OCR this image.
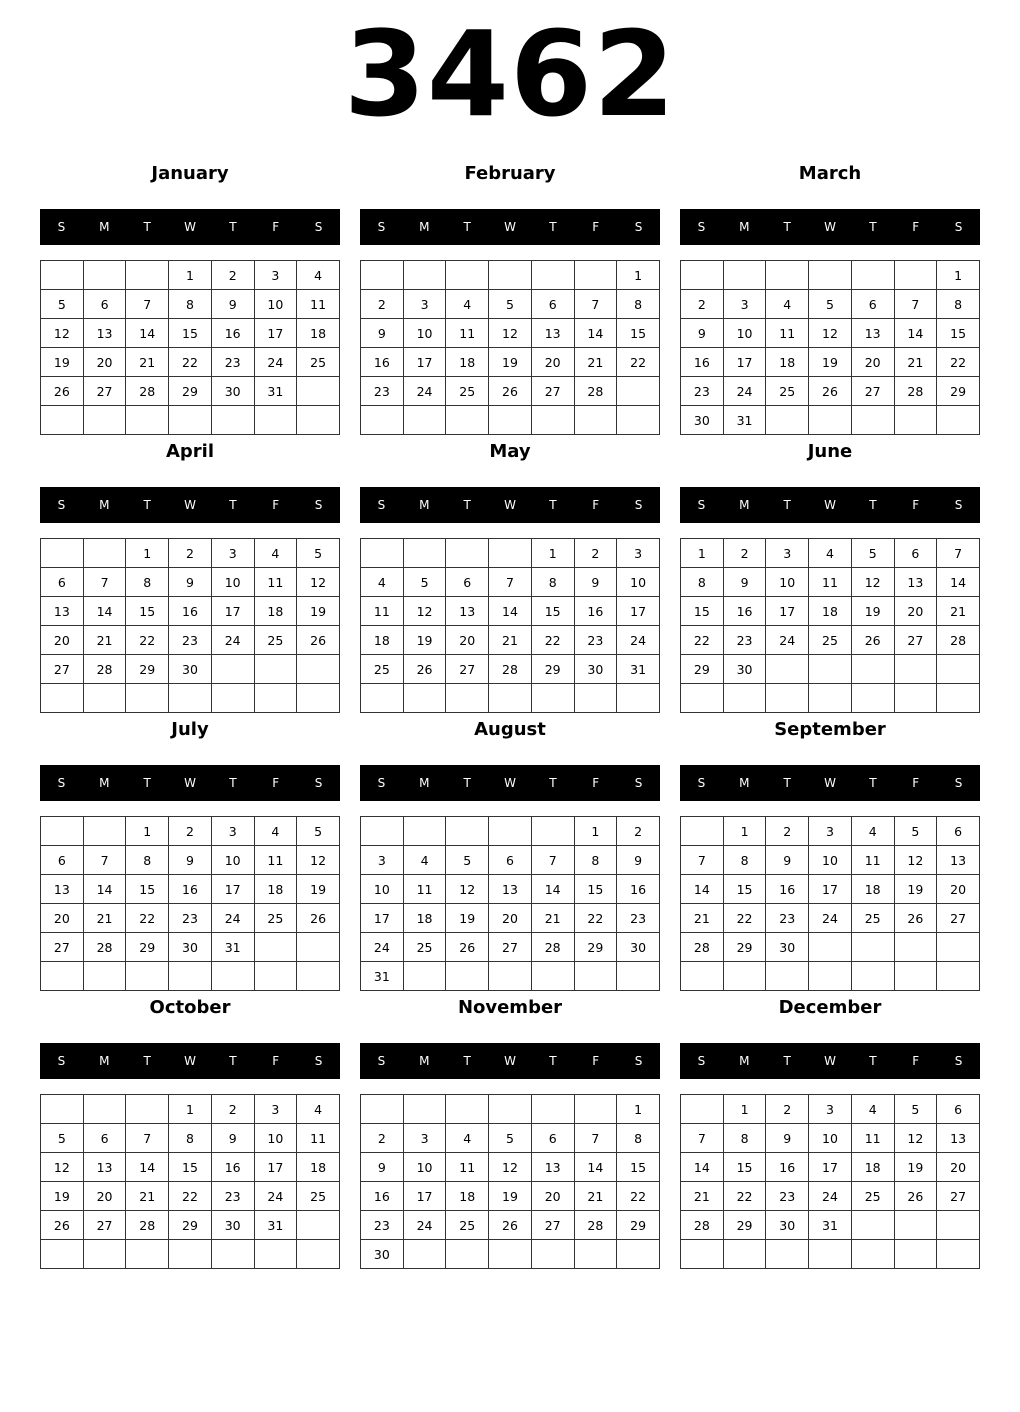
3462
January
S	M	T	W	T	F	S
			1	2	3	4
5	6	7	8	9	10	11
12	13	14	15	16	17	18
19	20	21	22	23	24	25
26	27	28	29	30	31	

February
S	M	T	W	T	F	S
						1
2	3	4	5	6	7	8
9	10	11	12	13	14	15
16	17	18	19	20	21	22
23	24	25	26	27	28	

March
S	M	T	W	T	F	S
						1
2	3	4	5	6	7	8
9	10	11	12	13	14	15
16	17	18	19	20	21	22
23	24	25	26	27	28	29
30	31					
April
S	M	T	W	T	F	S
		1	2	3	4	5
6	7	8	9	10	11	12
13	14	15	16	17	18	19
20	21	22	23	24	25	26
27	28	29	30			

May
S	M	T	W	T	F	S
				1	2	3
4	5	6	7	8	9	10
11	12	13	14	15	16	17
18	19	20	21	22	23	24
25	26	27	28	29	30	31

June
S	M	T	W	T	F	S
1	2	3	4	5	6	7
8	9	10	11	12	13	14
15	16	17	18	19	20	21
22	23	24	25	26	27	28
29	30					

July
S	M	T	W	T	F	S
		1	2	3	4	5
6	7	8	9	10	11	12
13	14	15	16	17	18	19
20	21	22	23	24	25	26
27	28	29	30	31		

August
S	M	T	W	T	F	S
					1	2
3	4	5	6	7	8	9
10	11	12	13	14	15	16
17	18	19	20	21	22	23
24	25	26	27	28	29	30
31						
September
S	M	T	W	T	F	S
	1	2	3	4	5	6
7	8	9	10	11	12	13
14	15	16	17	18	19	20
21	22	23	24	25	26	27
28	29	30				

October
S	M	T	W	T	F	S
			1	2	3	4
5	6	7	8	9	10	11
12	13	14	15	16	17	18
19	20	21	22	23	24	25
26	27	28	29	30	31	

November
S	M	T	W	T	F	S
						1
2	3	4	5	6	7	8
9	10	11	12	13	14	15
16	17	18	19	20	21	22
23	24	25	26	27	28	29
30						
December
S	M	T	W	T	F	S
	1	2	3	4	5	6
7	8	9	10	11	12	13
14	15	16	17	18	19	20
21	22	23	24	25	26	27
28	29	30	31			
